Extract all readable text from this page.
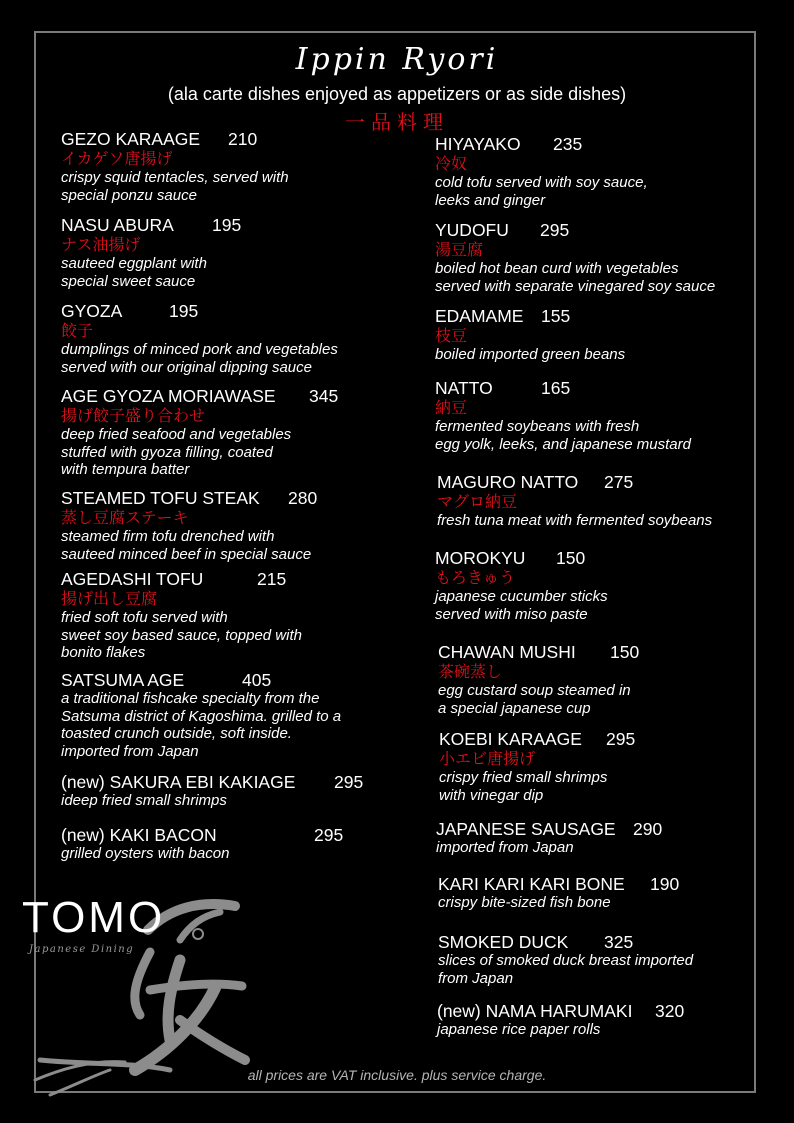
Ippin Ryori
(ala carte dishes enjoyed as appetizers or as side dishes)
一品料理
GEZO KARAAGE	210
イカゲソ唐揚げ
crispy squid tentacles, served with
special ponzu sauce
NASU ABURA	195
ナス油揚げ
sauteed eggplant with
special sweet sauce
GYOZA	195
餃子
dumplings of minced pork and vegetables
served with our original dipping sauce
AGE GYOZA MORIAWASE	345
揚げ餃子盛り合わせ
deep fried seafood and vegetables
stuffed with gyoza filling, coated
with tempura batter
STEAMED TOFU STEAK	280
蒸し豆腐ステーキ
steamed firm tofu drenched with
sauteed minced beef in special sauce
AGEDASHI TOFU	215
揚げ出し豆腐
fried soft tofu served with
sweet soy based sauce, topped with
bonito flakes
SATSUMA AGE	405
a traditional fishcake specialty from the
Satsuma district of Kagoshima. grilled to a
toasted crunch outside, soft inside.
imported from Japan
(new) SAKURA EBI KAKIAGE	295
ideep fried small shrimps
(new) KAKI BACON	295
grilled oysters with bacon
HIYAYAKO	235
冷奴
cold tofu served with soy sauce,
leeks and ginger
YUDOFU	295
湯豆腐
boiled hot bean curd with vegetables
served with separate vinegared soy sauce
EDAMAME	155
枝豆
boiled imported green beans
NATTO	165
納豆
fermented soybeans with fresh
egg yolk, leeks, and japanese mustard
MAGURO NATTO	275
マグロ納豆
fresh tuna meat with fermented soybeans
MOROKYU	150
もろきゅう
japanese cucumber sticks
served with miso paste
CHAWAN MUSHI	150
茶碗蒸し
egg custard soup steamed in
a special japanese cup
KOEBI KARAAGE	295
小エビ唐揚げ
crispy fried small shrimps
with vinegar dip
JAPANESE SAUSAGE 290
imported from Japan
KARI KARI KARI BONE	190
crispy bite-sized fish bone
SMOKED DUCK	325
slices of smoked duck breast imported
from Japan
(new) NAMA HARUMAKI	320
japanese rice paper rolls
TOMO
Japanese Dining
all prices are VAT inclusive. plus service charge.
